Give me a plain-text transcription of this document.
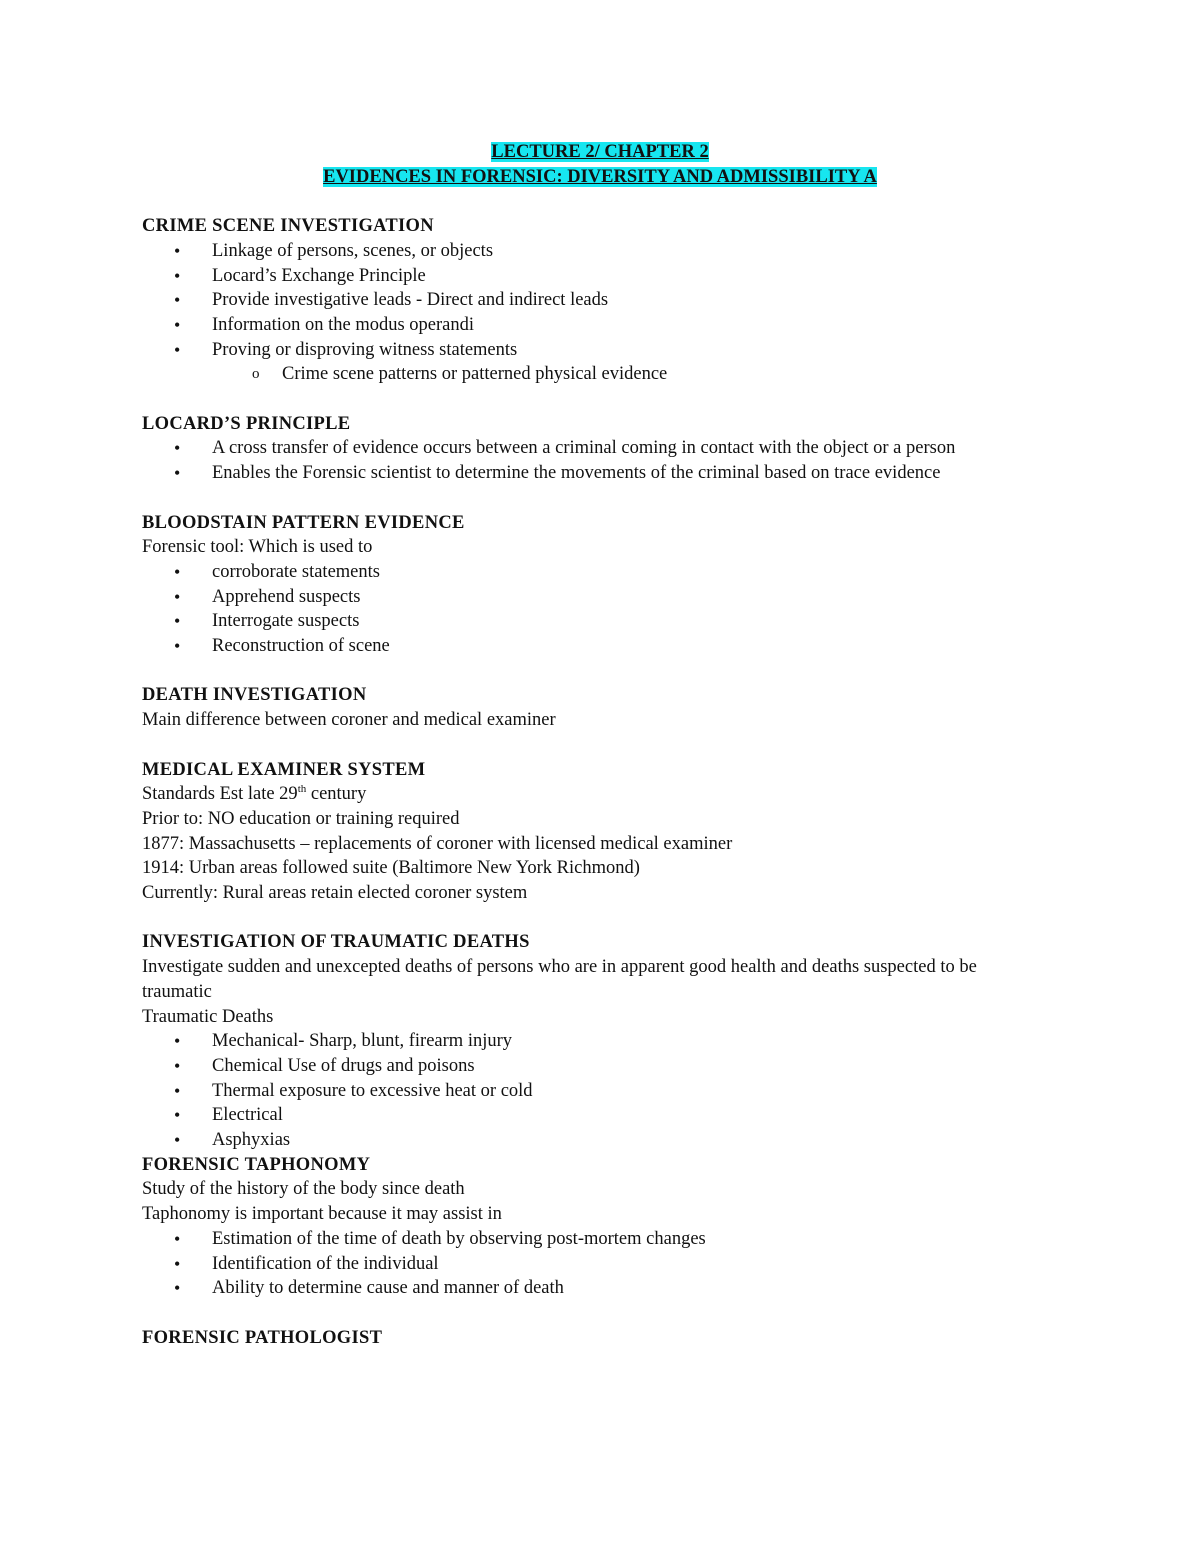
LECTURE 2/ CHAPTER 2
EVIDENCES IN FORENSIC: DIVERSITY AND ADMISSIBILITY A
CRIME SCENE INVESTIGATION
• Linkage of persons, scenes, or objects
• Locard’s Exchange Principle
• Provide investigative leads - Direct and indirect leads
• Information on the modus operandi
• Proving or disproving witness statements
o Crime scene patterns or patterned physical evidence
LOCARD’S PRINCIPLE
• A cross transfer of evidence occurs between a criminal coming in contact with the object or a person
• Enables the Forensic scientist to determine the movements of the criminal based on trace evidence
BLOODSTAIN PATTERN EVIDENCE

Forensic tool: Which is used to

• corroborate statements
• Apprehend suspects
• Interrogate suspects
• Reconstruction of scene
DEATH INVESTIGATION

Main difference between coroner and medical examiner

MEDICAL EXAMINER SYSTEM

Standards Est late 29th century

Prior to: NO education or training required

1877: Massachusetts – replacements of coroner with licensed medical examiner

1914: Urban areas followed suite (Baltimore New York Richmond)

Currently: Rural areas retain elected coroner system

INVESTIGATION OF TRAUMATIC DEATHS

Investigate sudden and unexcepted deaths of persons who are in apparent good health and deaths suspected to be traumatic

Traumatic Deaths

• Mechanical- Sharp, blunt, firearm injury
• Chemical Use of drugs and poisons
• Thermal exposure to excessive heat or cold
• Electrical
• Asphyxias
FORENSIC TAPHONOMY

Study of the history of the body since death

Taphonomy is important because it may assist in

• Estimation of the time of death by observing post-mortem changes
• Identification of the individual
• Ability to determine cause and manner of death
FORENSIC PATHOLOGIST
